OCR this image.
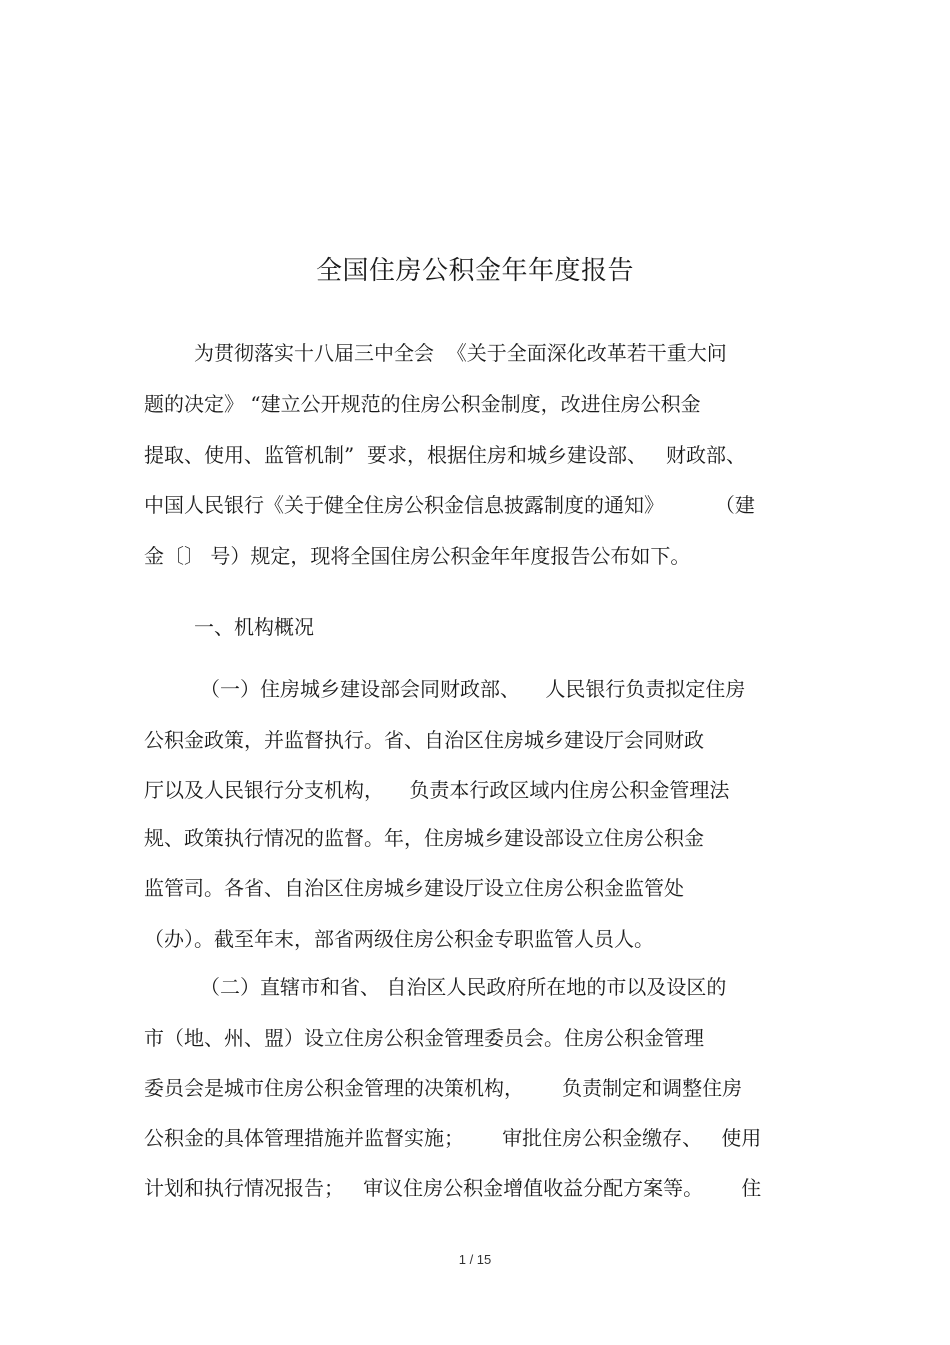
全国住房公积金年年度报告

为贯彻落实十八届三中全会  《关于全面深化改革若干重大问

题的决定》 “建立公开规范的住房公积金制度，改进住房公积金

提取、使用、监管机制”  要求，根据住房和城乡建设部、   财政部、

中国人民银行《关于健全住房公积金信息披露制度的通知》        （建

金〔〕 号）规定，现将全国住房公积金年年度报告公布如下。

一、机构概况

（一）住房城乡建设部会同财政部、    人民银行负责拟定住房

公积金政策，并监督执行。省、自治区住房城乡建设厅会同财政

厅以及人民银行分支机构，    负责本行政区域内住房公积金管理法

规、政策执行情况的监督。年，住房城乡建设部设立住房公积金

监管司。各省、自治区住房城乡建设厅设立住房公积金监管处

（办）。截至年末，部省两级住房公积金专职监管人员人。

（二）直辖市和省、 自治区人民政府所在地的市以及设区的

市（地、州、盟）设立住房公积金管理委员会。住房公积金管理

委员会是城市住房公积金管理的决策机构，      负责制定和调整住房

公积金的具体管理措施并监督实施；      审批住房公积金缴存、   使用

计划和执行情况报告；   审议住房公积金增值收益分配方案等。      住

1 / 15
